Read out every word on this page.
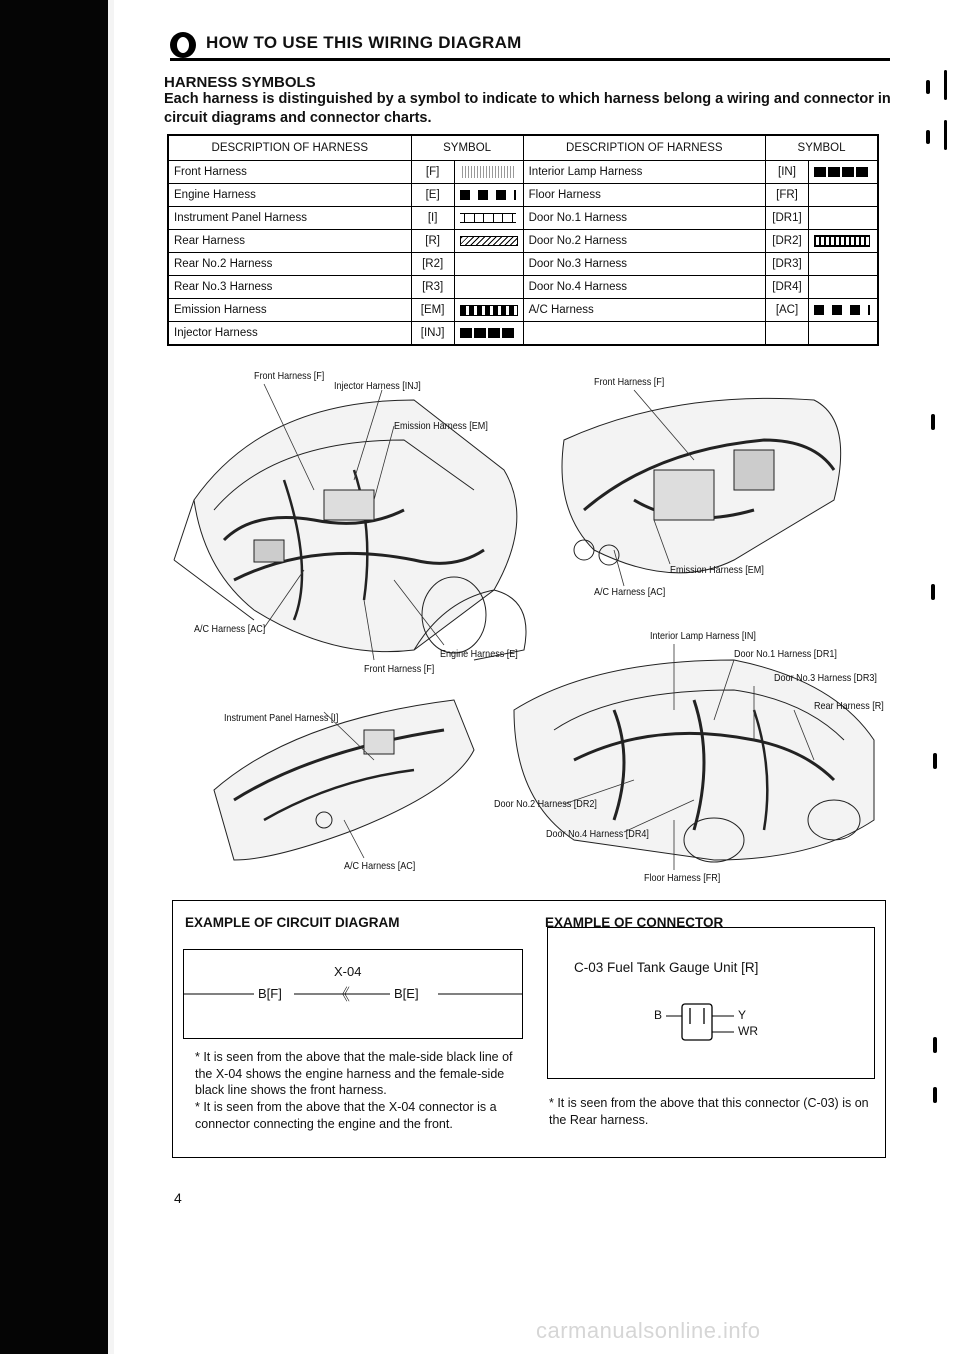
HOW TO USE THIS WIRING DIAGRAM
HARNESS SYMBOLS
Each harness is distinguished by a symbol to indicate to which harness belong a wiring and connector in circuit diagrams and connector charts.
DESCRIPTION OF HARNESS	SYMBOL		DESCRIPTION OF HARNESS	SYMBOL	
Front Harness	[F]		Interior Lamp Harness	[IN]	

Engine Harness	[E]		Floor Harness	[FR]	
Instrument Panel Harness	[I]		Door No.1 Harness	[DR1]	
Rear Harness	[R]		Door No.2 Harness	[DR2]	

Rear No.2 Harness	[R2]		Door No.3 Harness	[DR3]	
Rear No.3 Harness	[R3]		Door No.4 Harness	[DR4]	
Emission Harness	[EM]		A/C Harness	[AC]	

Injector Harness	[INJ]	

Front Harness [F]
Injector Harness [INJ]
Emission Harness [EM]
A/C Harness [AC]
Engine Harness [E]
Front Harness [F]
Front Harness [F]
Emission Harness [EM]
A/C Harness [AC]
Instrument Panel Harness [I]
A/C Harness [AC]
Interior Lamp Harness [IN]
Door No.1 Harness [DR1]
Door No.3 Harness [DR3]
Rear Harness [R]
Door No.2 Harness [DR2]
Door No.4 Harness [DR4]
Floor Harness [FR]
EXAMPLE OF CIRCUIT DIAGRAM	EXAMPLE OF CONNECTOR
《
X-04
B[F]	B[E]
* It is seen from the above that the male-side black line of the X-04 shows the engine harness and the female-side black line shows the front harness.
* It is seen from the above that the X-04 connector is a connector connecting the engine and the front.
C-03 Fuel Tank Gauge Unit [R]
B	Y
WR
* It is seen from the above that this connector (C-03) is on the Rear harness.
4
carmanualsonline.info
